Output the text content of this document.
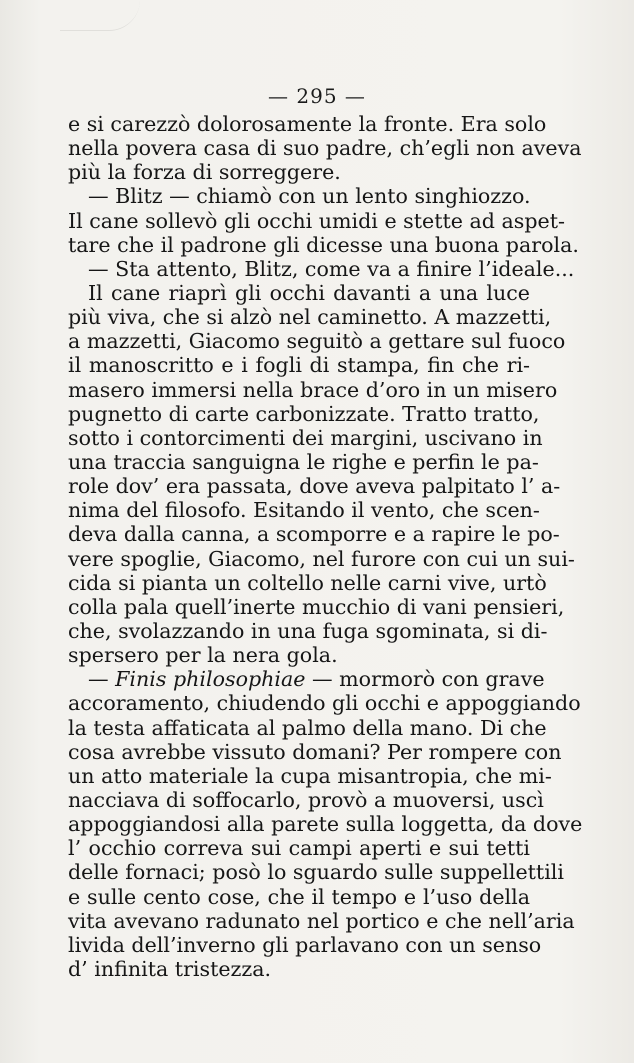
— 295 —
e si carezzò dolorosamente la fronte. Era solo
nella povera casa di suo padre, ch’egli non aveva
più la forza di sorreggere.
— Blitz — chiamò con un lento singhiozzo.
Il cane sollevò gli occhi umidi e stette ad aspet-
tare che il padrone gli dicesse una buona parola.
— Sta attento, Blitz, come va a finire l’ideale...
Il cane riaprì gli occhi davanti a una luce
più viva, che si alzò nel caminetto. A mazzetti,
a mazzetti, Giacomo seguitò a gettare sul fuoco
il manoscritto e i fogli di stampa, fin che ri-
masero immersi nella brace d’oro in un misero
pugnetto di carte carbonizzate. Tratto tratto,
sotto i contorcimenti dei margini, uscivano in
una traccia sanguigna le righe e perfin le pa-
role dov’ era passata, dove aveva palpitato l’ a-
nima del filosofo. Esitando il vento, che scen-
deva dalla canna, a scomporre e a rapire le po-
vere spoglie, Giacomo, nel furore con cui un sui-
cida si pianta un coltello nelle carni vive, urtò
colla pala quell’inerte mucchio di vani pensieri,
che, svolazzando in una fuga sgominata, si di-
spersero per la nera gola.
— Finis philosophiae — mormorò con grave
accoramento, chiudendo gli occhi e appoggiando
la testa affaticata al palmo della mano. Di che
cosa avrebbe vissuto domani? Per rompere con
un atto materiale la cupa misantropia, che mi-
nacciava di soffocarlo, provò a muoversi, uscì
appoggiandosi alla parete sulla loggetta, da dove
l’ occhio correva sui campi aperti e sui tetti
delle fornaci; posò lo sguardo sulle suppellettili
e sulle cento cose, che il tempo e l’uso della
vita avevano radunato nel portico e che nell’aria
livida dell’inverno gli parlavano con un senso
d’ infinita tristezza.
